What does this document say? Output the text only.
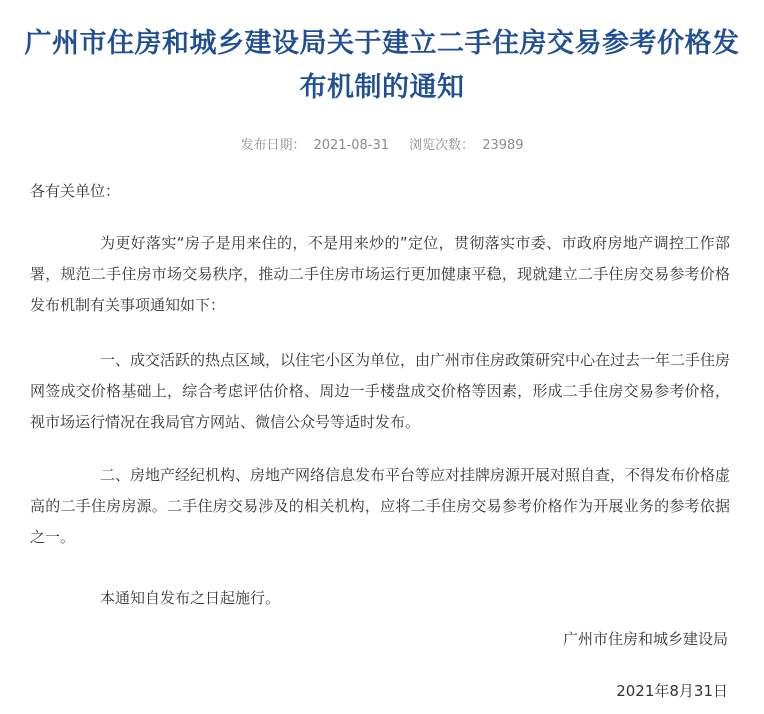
广州市住房和城乡建设局关于建立二手住房交易参考价格发布机制的通知
发布日期： 2021-08-31 浏览次数： 23989
各有关单位：
为更好落实“房子是用来住的，不是用来炒的”定位，贯彻落实市委、市政府房地产调控工作部署，规范二手住房市场交易秩序，推动二手住房市场运行更加健康平稳，现就建立二手住房交易参考价格发布机制有关事项通知如下：
一、成交活跃的热点区域，以住宅小区为单位，由广州市住房政策研究中心在过去一年二手住房网签成交价格基础上，综合考虑评估价格、周边一手楼盘成交价格等因素，形成二手住房交易参考价格，视市场运行情况在我局官方网站、微信公众号等适时发布。
二、房地产经纪机构、房地产网络信息发布平台等应对挂牌房源开展对照自查，不得发布价格虚高的二手住房房源。二手住房交易涉及的相关机构，应将二手住房交易参考价格作为开展业务的参考依据之一。
本通知自发布之日起施行。
广州市住房和城乡建设局
2021年8月31日
